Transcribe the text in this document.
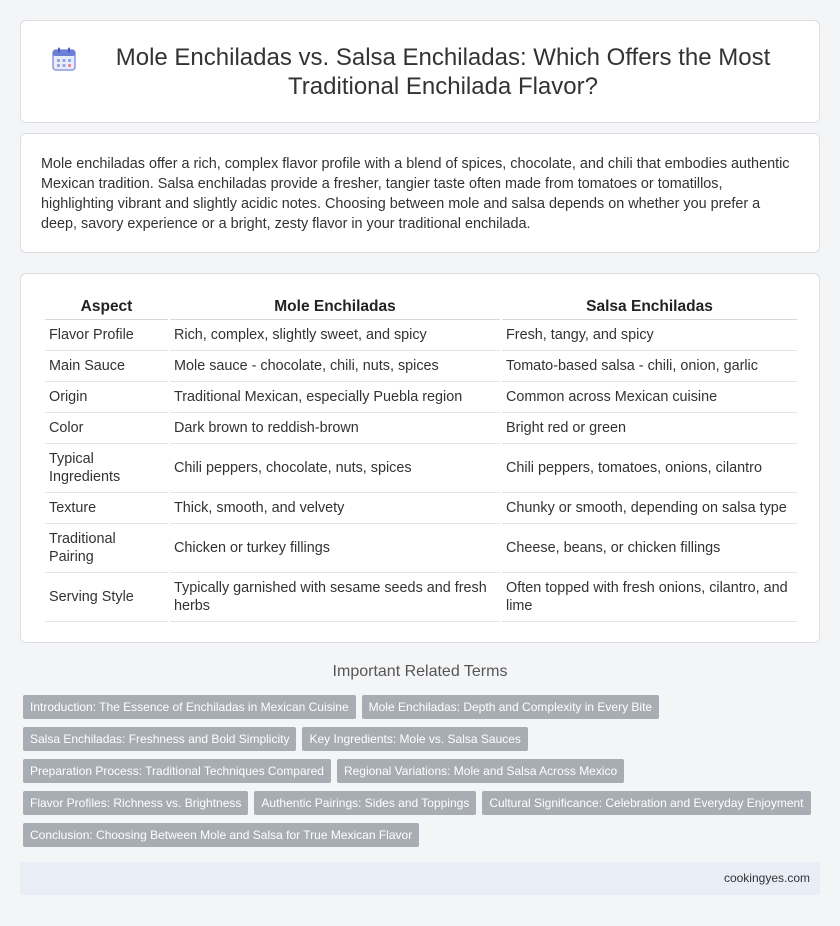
Mole Enchiladas vs. Salsa Enchiladas: Which Offers the Most Traditional Enchilada Flavor?

Mole enchiladas offer a rich, complex flavor profile with a blend of spices, chocolate, and chili that embodies authentic Mexican tradition. Salsa enchiladas provide a fresher, tangier taste often made from tomatoes or tomatillos, highlighting vibrant and slightly acidic notes. Choosing between mole and salsa depends on whether you prefer a deep, savory experience or a bright, zesty flavor in your traditional enchilada.

Aspect	Mole Enchiladas	Salsa Enchiladas
Flavor Profile	Rich, complex, slightly sweet, and spicy	Fresh, tangy, and spicy
Main Sauce	Mole sauce - chocolate, chili, nuts, spices	Tomato-based salsa - chili, onion, garlic
Origin	Traditional Mexican, especially Puebla region	Common across Mexican cuisine
Color	Dark brown to reddish-brown	Bright red or green
Typical Ingredients	Chili peppers, chocolate, nuts, spices	Chili peppers, tomatoes, onions, cilantro
Texture	Thick, smooth, and velvety	Chunky or smooth, depending on salsa type
Traditional Pairing	Chicken or turkey fillings	Cheese, beans, or chicken fillings
Serving Style	Typically garnished with sesame seeds and fresh herbs	Often topped with fresh onions, cilantro, and lime
Important Related Terms
Introduction: The Essence of Enchiladas in Mexican Cuisine	Mole Enchiladas: Depth and Complexity in Every Bite
Salsa Enchiladas: Freshness and Bold Simplicity	Key Ingredients: Mole vs. Salsa Sauces
Preparation Process: Traditional Techniques Compared	Regional Variations: Mole and Salsa Across Mexico
Flavor Profiles: Richness vs. Brightness	Authentic Pairings: Sides and Toppings	Cultural Significance: Celebration and Everyday Enjoyment
Conclusion: Choosing Between Mole and Salsa for True Mexican Flavor
cookingyes.com
